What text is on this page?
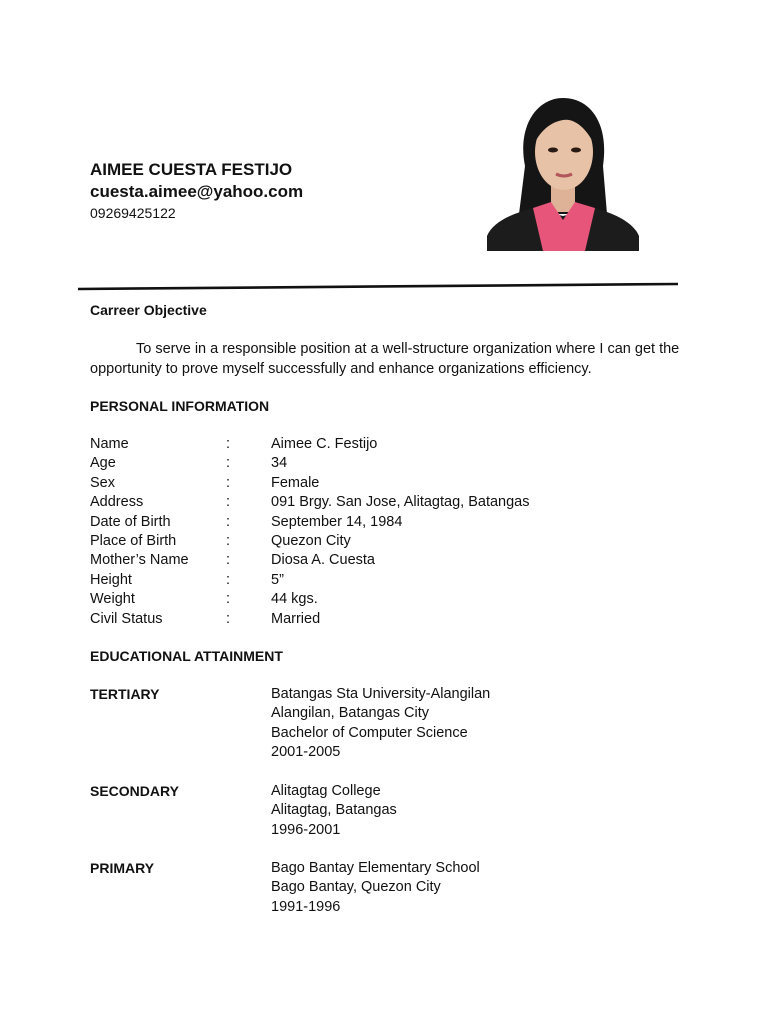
AIMEE CUESTA FESTIJO
cuesta.aimee@yahoo.com
09269425122
Carreer Objective
To serve in a responsible position at a well-structure organization where I can get the opportunity to prove myself successfully and enhance organizations efficiency.
PERSONAL INFORMATION
Name	:	Aimee C. Festijo
Age	:	34
Sex	:	Female
Address	:	091 Brgy. San Jose, Alitagtag, Batangas
Date of Birth	:	September 14, 1984
Place of Birth	:	Quezon City
Mother’s Name	:	Diosa A. Cuesta
Height	:	5”
Weight	:	44 kgs.
Civil Status	:	Married
EDUCATIONAL ATTAINMENT
TERTIARY	Batangas Sta University-Alangilan
Alangilan, Batangas City
Bachelor of Computer Science
2001-2005
SECONDARY	Alitagtag College
Alitagtag, Batangas
1996-2001
PRIMARY	Bago Bantay Elementary School
Bago Bantay, Quezon City
1991-1996
